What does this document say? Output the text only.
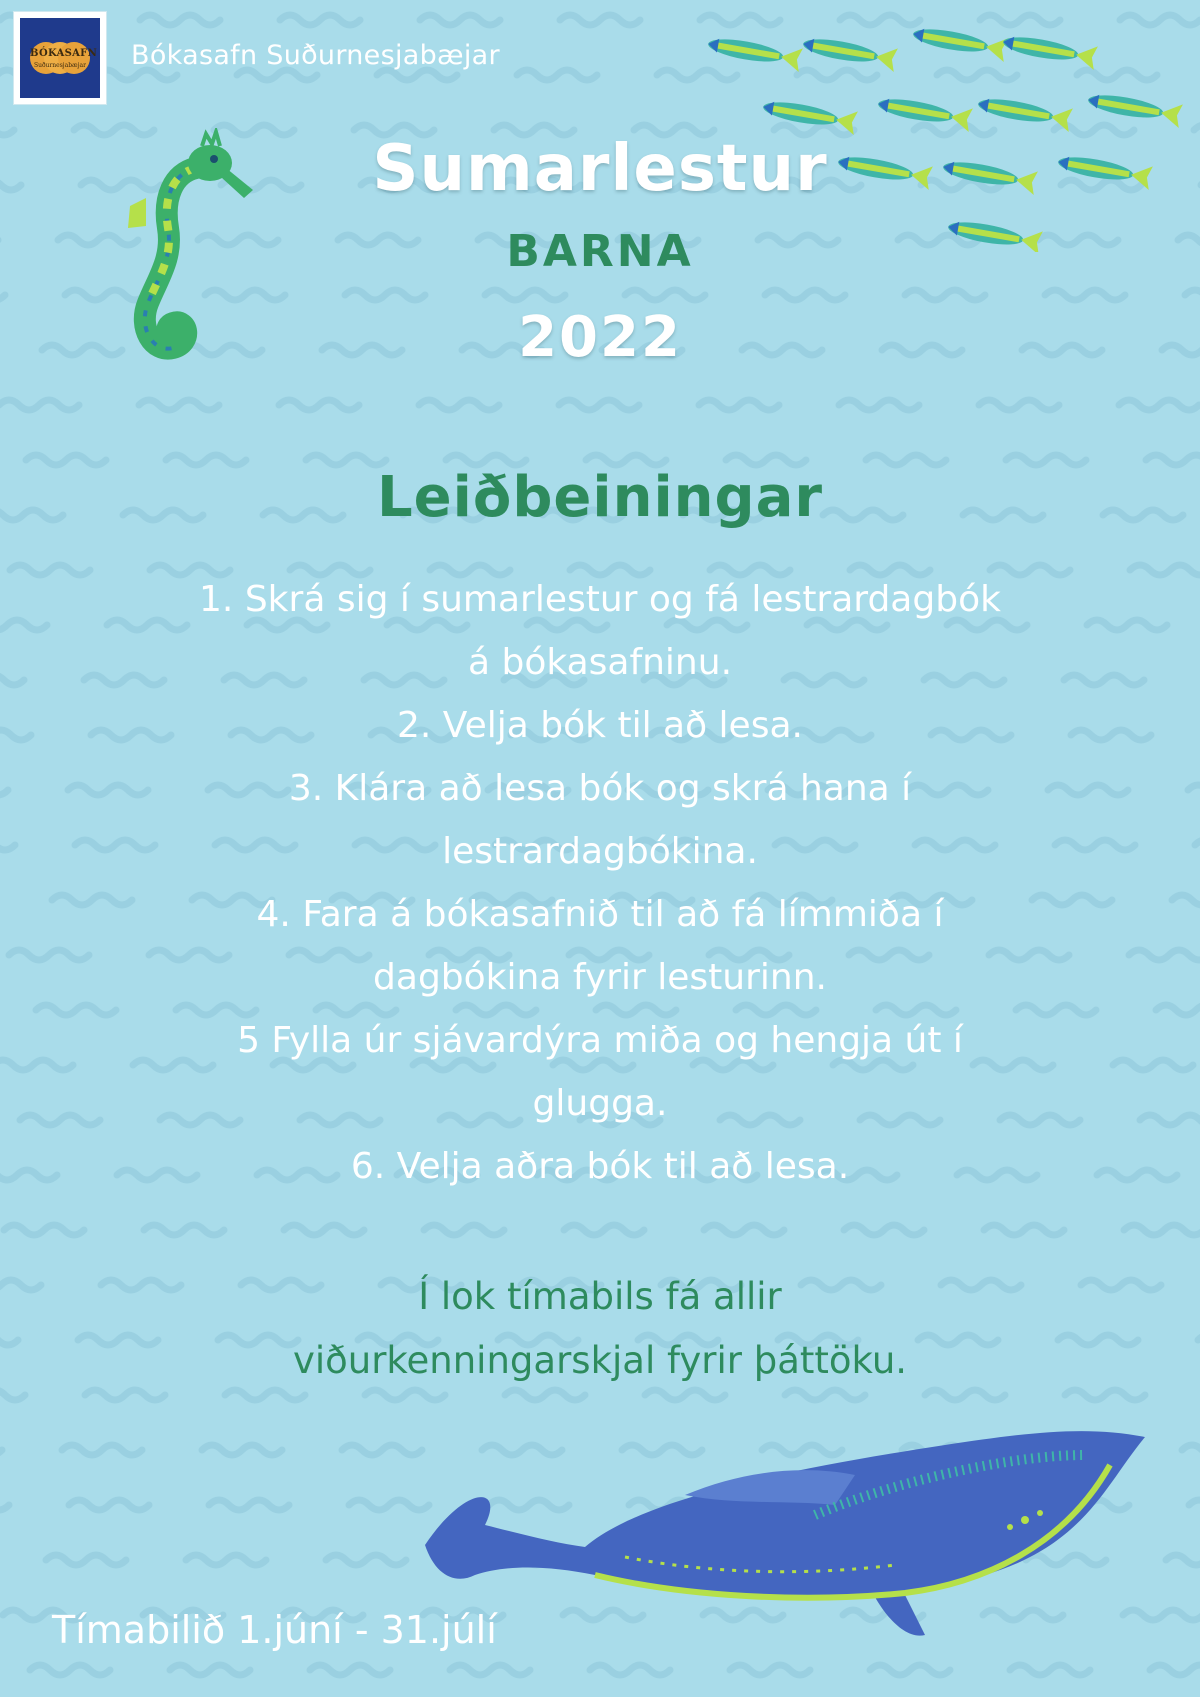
BÓKASAFN
Suðurnesjabæjar Bókasafn Suðurnesjabæjar
Sumarlestur
BARNA
2022
Leiðbeiningar
1. Skrá sig í sumarlestur og fá lestrardagbók
á bókasafninu.
2. Velja bók til að lesa.
3. Klára að lesa bók og skrá hana í
lestrardagbókina.
4. Fara á bókasafnið til að fá límmiða í
dagbókina fyrir lesturinn.
5 Fylla úr sjávardýra miða og hengja út í
glugga.
6. Velja aðra bók til að lesa.
Í lok tímabils fá allir
viðurkenningarskjal fyrir þáttöku.
Tímabilið 1.júní - 31.júlí
